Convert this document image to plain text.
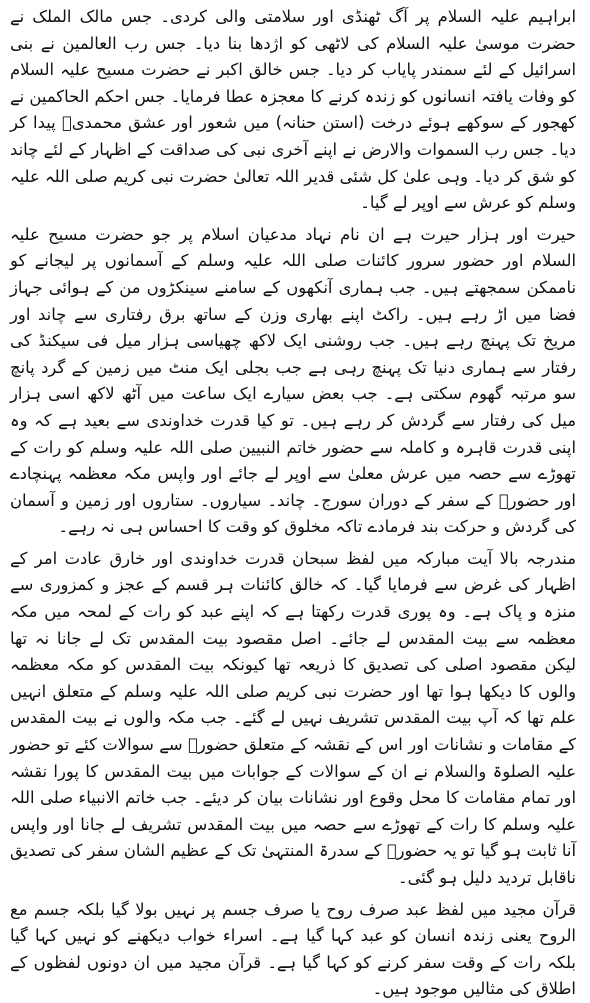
ابراہیم علیہ السلام پر آگ ٹھنڈی اور سلامتی والی کردی۔ جس مالک الملک نے حضرت موسیٰ علیہ السلام کی لاٹھی کو اژدھا بنا دیا۔ جس رب العالمین نے بنی اسرائیل کے لئے سمندر پایاب کر دیا۔ جس خالق اکبر نے حضرت مسیح علیہ السلام کو وفات یافتہ انسانوں کو زندہ کرنے کا معجزہ عطا فرمایا۔ جس احکم الحاکمین نے کھجور کے سوکھے ہوئے درخت (استن حنانہ) میں شعور اور عشق محمدیؐ پیدا کر دیا۔ جس رب السموات والارض نے اپنے آخری نبی کی صداقت کے اظہار کے لئے چاند کو شق کر دیا۔ وہی علیٰ کل شئی قدیر اللہ تعالیٰ حضرت نبی کریم صلی اللہ علیہ وسلم کو عرش سے اوپر لے گیا۔

حیرت اور ہزار حیرت ہے ان نام نہاد مدعیان اسلام پر جو حضرت مسیح علیہ السلام اور حضور سرور کائنات صلی اللہ علیہ وسلم کے آسمانوں پر لیجانے کو ناممکن سمجھتے ہیں۔ جب ہماری آنکھوں کے سامنے سینکڑوں من کے ہوائی جہاز فضا میں اڑ رہے ہیں۔ راکٹ اپنے بھاری وزن کے ساتھ برق رفتاری سے چاند اور مریخ تک پہنچ رہے ہیں۔ جب روشنی ایک لاکھ چھیاسی ہزار میل فی سیکنڈ کی رفتار سے ہماری دنیا تک پہنچ رہی ہے جب بجلی ایک منٹ میں زمین کے گرد پانچ سو مرتبہ گھوم سکتی ہے۔ جب بعض سیارے ایک ساعت میں آٹھ لاکھ اسی ہزار میل کی رفتار سے گردش کر رہے ہیں۔ تو کیا قدرت خداوندی سے بعید ہے کہ وہ اپنی قدرت قاہرہ و کاملہ سے حضور خاتم النبیین صلی اللہ علیہ وسلم کو رات کے تھوڑے سے حصہ میں عرش معلیٰ سے اوپر لے جائے اور واپس مکہ معظمہ پہنچادے اور حضورؐ کے سفر کے دوران سورج۔ چاند۔ سیاروں۔ ستاروں اور زمین و آسمان کی گردش و حرکت بند فرمادے تاکہ مخلوق کو وقت کا احساس ہی نہ رہے۔

مندرجہ بالا آیت مبارکہ میں لفظ سبحان قدرت خداوندی اور خارق عادت امر کے اظہار کی غرض سے فرمایا گیا۔ کہ خالق کائنات ہر قسم کے عجز و کمزوری سے منزہ و پاک ہے۔ وہ پوری قدرت رکھتا ہے کہ اپنے عبد کو رات کے لمحہ میں مکہ معظمہ سے بیت المقدس لے جائے۔ اصل مقصود بیت المقدس تک لے جانا نہ تھا لیکن مقصود اصلی کی تصدیق کا ذریعہ تھا کیونکہ بیت المقدس کو مکہ معظمہ والوں کا دیکھا ہوا تھا اور حضرت نبی کریم صلی اللہ علیہ وسلم کے متعلق انہیں علم تھا کہ آپ بیت المقدس تشریف نہیں لے گئے۔ جب مکہ والوں نے بیت المقدس کے مقامات و نشانات اور اس کے نقشہ کے متعلق حضورؐ سے سوالات کئے تو حضور علیہ الصلوۃ والسلام نے ان کے سوالات کے جوابات میں بیت المقدس کا پورا نقشہ اور تمام مقامات کا محل وقوع اور نشانات بیان کر دیئے۔ جب خاتم الانبیاء صلی اللہ علیہ وسلم کا رات کے تھوڑے سے حصہ میں بیت المقدس تشریف لے جانا اور واپس آنا ثابت ہو گیا تو یہ حضورؐ کے سدرۃ المنتہیٰ تک کے عظیم الشان سفر کی تصدیق ناقابل تردید دلیل ہو گئی۔

قرآن مجید میں لفظ عبد صرف روح یا صرف جسم پر نہیں بولا گیا بلکہ جسم مع الروح یعنی زندہ انسان کو عبد کہا گیا ہے۔ اسراء خواب دیکھنے کو نہیں کہا گیا بلکہ رات کے وقت سفر کرنے کو کہا گیا ہے۔ قرآن مجید میں ان دونوں لفظوں کے اطلاق کی مثالیں موجود ہیں۔
